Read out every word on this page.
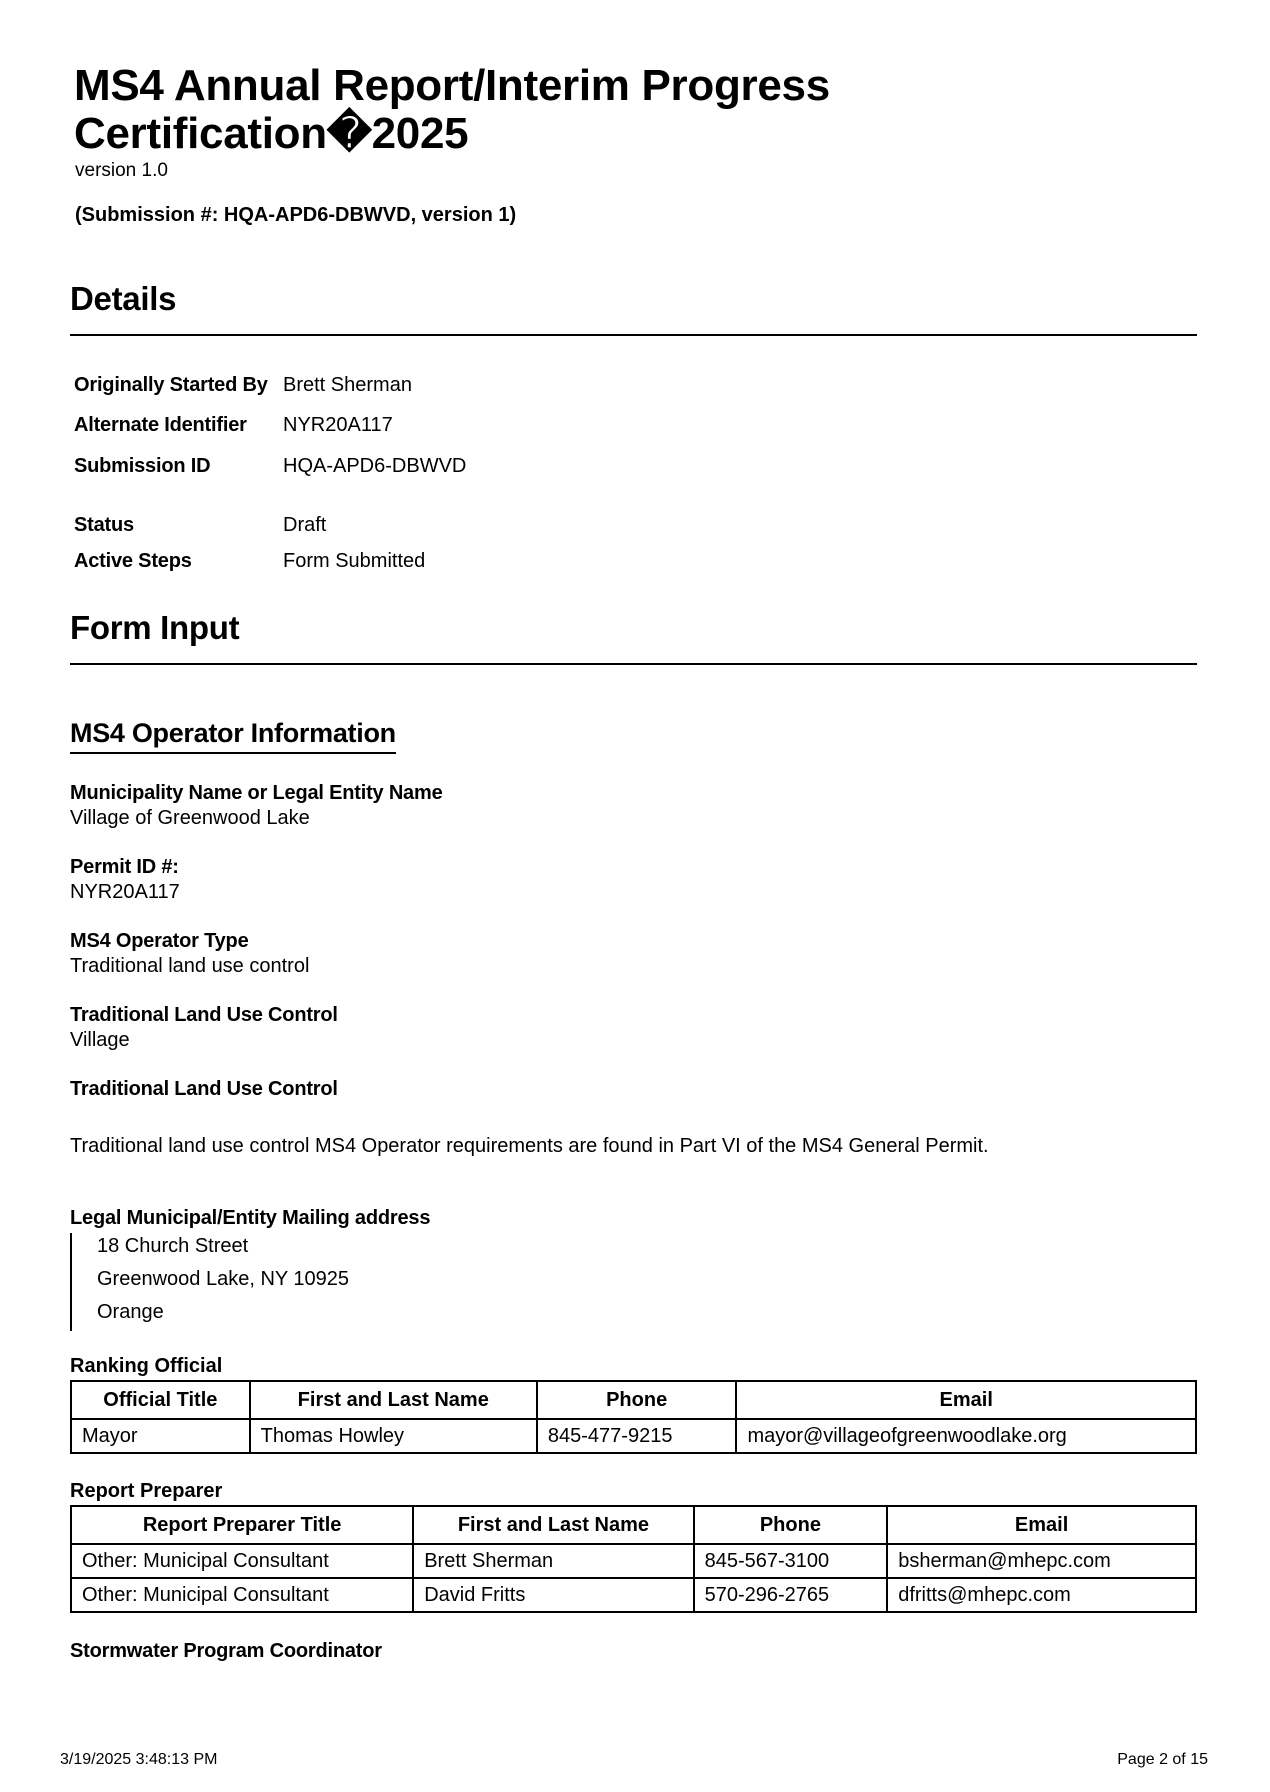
MS4 Annual Report/Interim Progress
Certification�2025
version 1.0
(Submission #: HQA-APD6-DBWVD, version 1)
Details
Originally Started By Brett Sherman
Alternate Identifier NYR20A117
Submission ID	HQA-APD6-DBWVD
Status	Draft
Active Steps	Form Submitted
Form Input
MS4 Operator Information
Municipality Name or Legal Entity Name
Village of Greenwood Lake
Permit ID #:
NYR20A117
MS4 Operator Type
Traditional land use control
Traditional Land Use Control
Village
Traditional Land Use Control
Traditional land use control MS4 Operator requirements are found in Part VI of the MS4 General Permit.
Legal Municipal/Entity Mailing address
18 Church Street
Greenwood Lake, NY 10925
Orange
Ranking Official
Official Title	First and Last Name	Phone	Email
Mayor	Thomas Howley	845-477-9215	mayor@villageofgreenwoodlake.org
Report Preparer
Report Preparer Title	First and Last Name	Phone	Email
Other: Municipal Consultant	Brett Sherman	845-567-3100	bsherman@mhepc.com
Other: Municipal Consultant	David Fritts	570-296-2765	dfritts@mhepc.com
Stormwater Program Coordinator
3/19/2025 3:48:13 PM	Page 2 of 15
